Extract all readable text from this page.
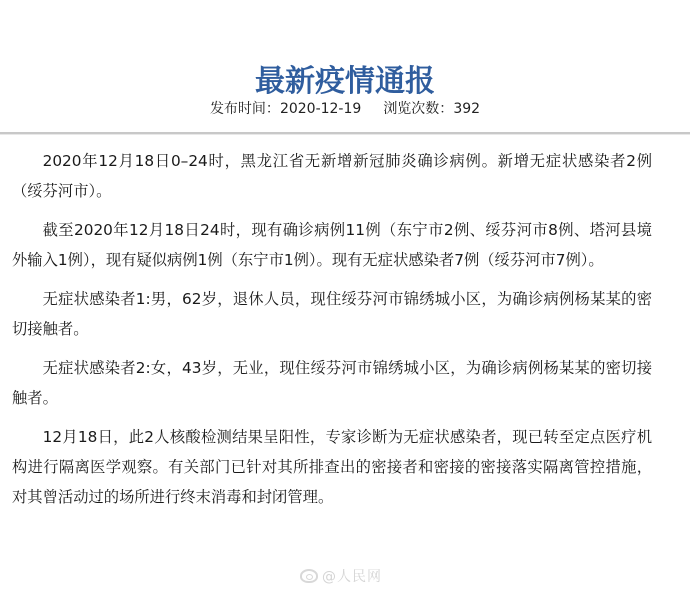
最新疫情通报
发布时间：2020-12-19 浏览次数：392

2020年12月18日0–24时，黑龙江省无新增新冠肺炎确诊病例。新增无症状感染者2例（绥芬河市）。

截至2020年12月18日24时，现有确诊病例11例（东宁市2例、绥芬河市8例、塔河县境外输入1例），现有疑似病例1例（东宁市1例）。现有无症状感染者7例（绥芬河市7例）。

无症状感染者1:男，62岁，退休人员，现住绥芬河市锦绣城小区，为确诊病例杨某某的密切接触者。

无症状感染者2:女，43岁，无业，现住绥芬河市锦绣城小区，为确诊病例杨某某的密切接触者。

12月18日，此2人核酸检测结果呈阳性，专家诊断为无症状感染者，现已转至定点医疗机构进行隔离医学观察。有关部门已针对其所排查出的密接者和密接的密接落实隔离管控措施，对其曾活动过的场所进行终末消毒和封闭管理。

@人民网
